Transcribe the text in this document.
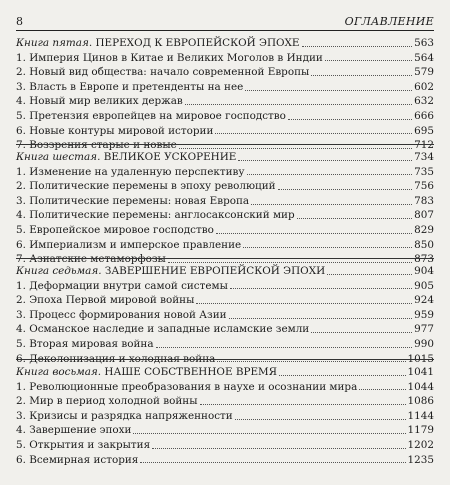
8	ОГЛАВЛЕНИЕ
Книга пятая. ПЕРЕХОД К ЕВРОПЕЙСКОЙ ЭПОХЕ	563
1. Империя Цинов в Китае и Великих Моголов в Индии	564
2. Новый вид общества: начало современной Европы	579
3. Власть в Европе и претенденты на нее	602
4. Новый мир великих держав	632
5. Претензия европейцев на мировое господство	666
6. Новые контуры мировой истории	695
7. Воззрения старые и новые	712
Книга шестая. ВЕЛИКОЕ УСКОРЕНИЕ	734
1. Изменение на удаленную перспективу	735
2. Политические перемены в эпоху революций	756
3. Политические перемены: новая Европа	783
4. Политические перемены: англосаксонский мир	807
5. Европейское мировое господство	829
6. Империализм и имперское правление	850
7. Азиатские метаморфозы	873
Книга седьмая. ЗАВЕРШЕНИЕ ЕВРОПЕЙСКОЙ ЭПОХИ	904
1. Деформации внутри самой системы	905
2. Эпоха Первой мировой войны	924
3. Процесс формирования новой Азии	959
4. Османское наследие и западные исламские земли	977
5. Вторая мировая война	990
6. Деколонизация и холодная война	1015
Книга восьмая. НАШЕ СОБСТВЕННОЕ ВРЕМЯ	1041
1. Революционные преобразования в наухе и осознании мира	1044
2. Мир в период холодной войны	1086
3. Кризисы и разрядка напряженности	1144
4. Завершение эпохи	1179
5. Открытия и закрытия	1202
6. Всемирная история	1235
